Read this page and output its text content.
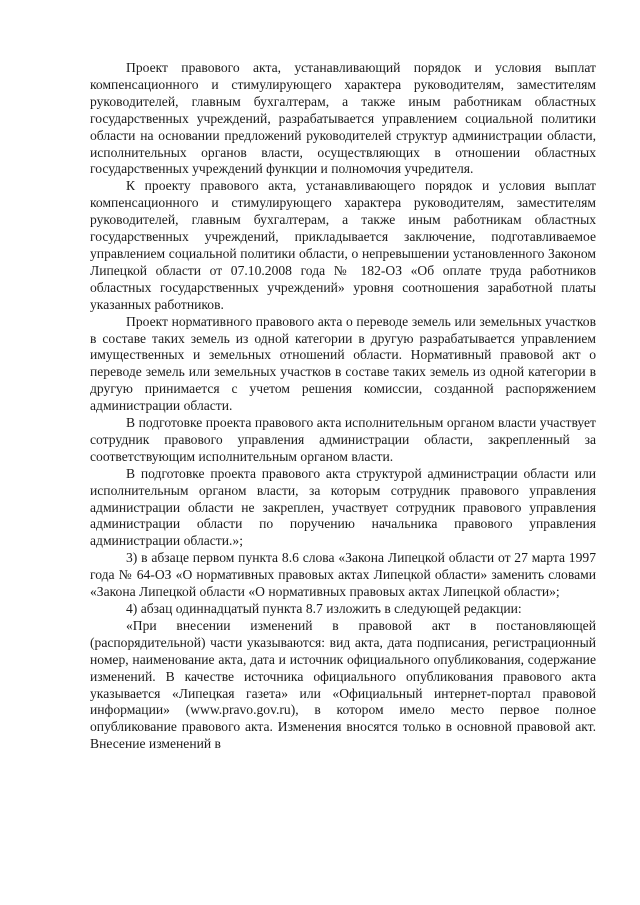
Проект правового акта, устанавливающий порядок и условия выплат компенсационного и стимулирующего характера руководителям, заместителям руководителей, главным бухгалтерам, а также иным работникам областных государственных учреждений, разрабатывается управлением социальной политики области на основании предложений руководителей структур администрации области, исполнительных органов власти, осуществляющих в отношении областных государственных учреждений функции и полномочия учредителя.

К проекту правового акта, устанавливающего порядок и условия выплат компенсационного и стимулирующего характера руководителям, заместителям руководителей, главным бухгалтерам, а также иным работникам областных государственных учреждений, прикладывается заключение, подготавливаемое управлением социальной политики области, о непревышении установленного Законом Липецкой области от 07.10.2008 года № 182-ОЗ «Об оплате труда работников областных государственных учреждений» уровня соотношения заработной платы указанных работников.

Проект нормативного правового акта о переводе земель или земельных участков в составе таких земель из одной категории в другую разрабатывается управлением имущественных и земельных отношений области. Нормативный правовой акт о переводе земель или земельных участков в составе таких земель из одной категории в другую принимается с учетом решения комиссии, созданной распоряжением администрации области.

В подготовке проекта правового акта исполнительным органом власти участвует сотрудник правового управления администрации области, закрепленный за соответствующим исполнительным органом власти.

В подготовке проекта правового акта структурой администрации области или исполнительным органом власти, за которым сотрудник правового управления администрации области не закреплен, участвует сотрудник правового управления администрации области по поручению начальника правового управления администрации области.»;

3) в абзаце первом пункта 8.6 слова «Закона Липецкой области от 27 марта 1997 года № 64-ОЗ «О нормативных правовых актах Липецкой области» заменить словами «Закона Липецкой области «О нормативных правовых актах Липецкой области»;

4) абзац одиннадцатый пункта 8.7 изложить в следующей редакции:

«При внесении изменений в правовой акт в постановляющей (распорядительной) части указываются: вид акта, дата подписания, регистрационный номер, наименование акта, дата и источник официального опубликования, содержание изменений. В качестве источника официального опубликования правового акта указывается «Липецкая газета» или «Официальный интернет-портал правовой информации» (www.pravo.gov.ru), в котором имело место первое полное опубликование правового акта. Изменения вносятся только в основной правовой акт. Внесение изменений в
